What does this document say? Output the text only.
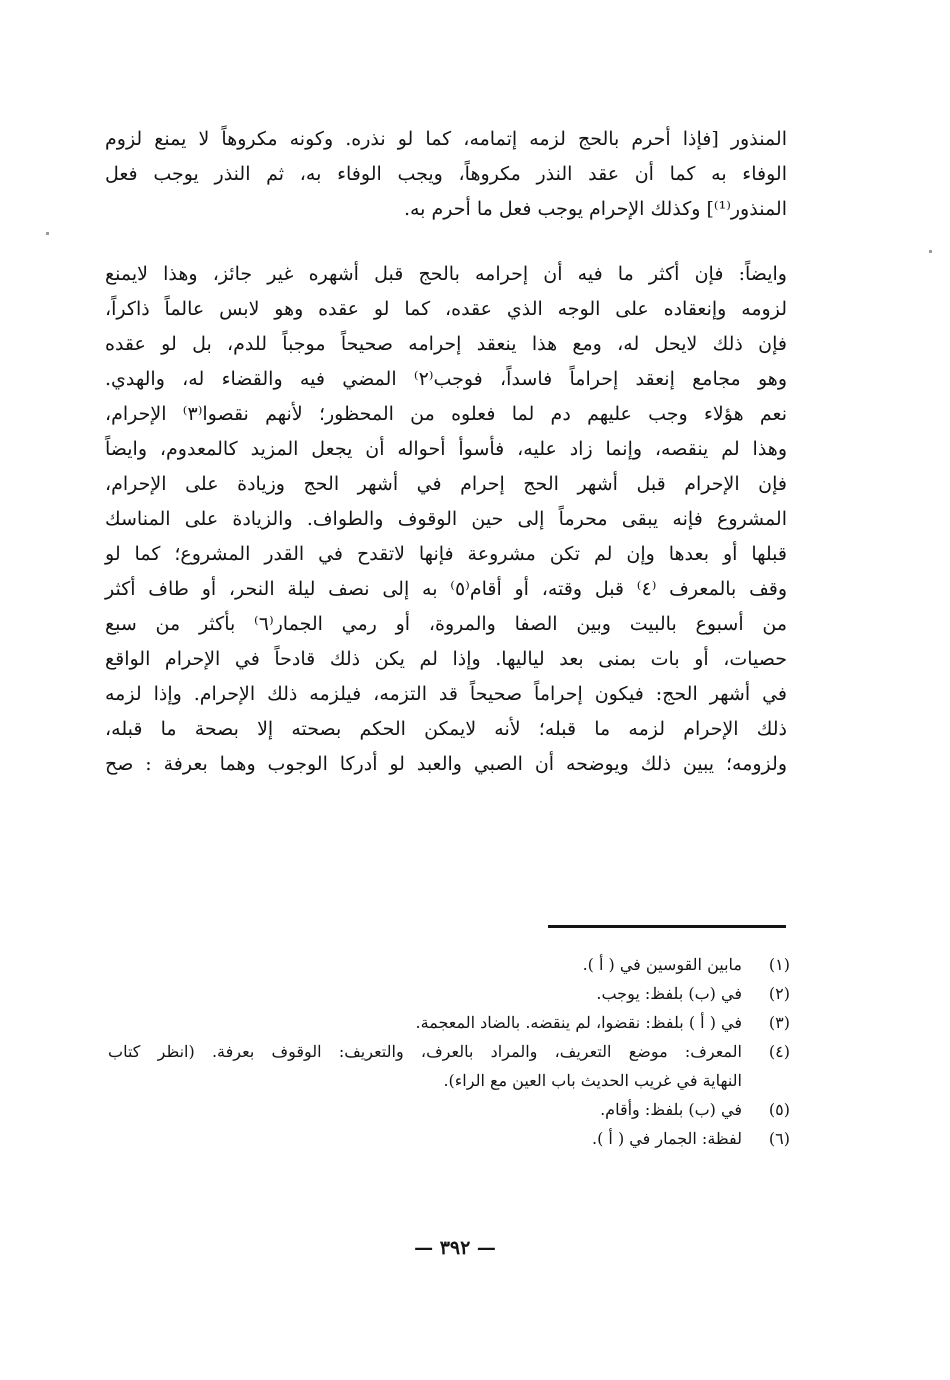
المنذور [فإذا أحرم بالحج لزمه إتمامه، كما لو نذره. وكونه مكروهاً لا يمنع لزوم
الوفاء به كما أن عقد النذر مكروهاً، ويجب الوفاء به، ثم النذر يوجب فعل
المنذور⁽¹⁾] وكذلك الإحرام يوجب فعل ما أحرم به.
وايضاً: فإن أكثر ما فيه أن إحرامه بالحج قبل أشهره غير جائز، وهذا لايمنع
لزومه وإنعقاده على الوجه الذي عقده، كما لو عقده وهو لابس عالماً ذاكراً،
فإن ذلك لايحل له، ومع هذا ينعقد إحرامه صحيحاً موجباً للدم، بل لو عقده
وهو مجامع إنعقد إحراماً فاسداً، فوجب⁽٢⁾ المضي فيه والقضاء له، والهدي.
نعم هؤلاء وجب عليهم دم لما فعلوه من المحظور؛ لأنهم نقصوا⁽٣⁾ الإحرام،
وهذا لم ينقصه، وإنما زاد عليه، فأسوأ أحواله أن يجعل المزيد كالمعدوم، وايضاً
فإن الإحرام قبل أشهر الحج إحرام في أشهر الحج وزيادة على الإحرام،
المشروع فإنه يبقى محرماً إلى حين الوقوف والطواف. والزيادة على المناسك
قبلها أو بعدها وإن لم تكن مشروعة فإنها لاتقدح في القدر المشروع؛ كما لو
وقف بالمعرف ⁽٤⁾ قبل وقته، أو أقام⁽٥⁾ به إلى نصف ليلة النحر، أو طاف أكثر
من أسبوع بالبيت وبين الصفا والمروة، أو رمي الجمار⁽٦⁾ بأكثر من سبع
حصيات، أو بات بمنى بعد لياليها. وإذا لم يكن ذلك قادحاً في الإحرام الواقع
في أشهر الحج: فيكون إحراماً صحيحاً قد التزمه، فيلزمه ذلك الإحرام. وإذا لزمه
ذلك الإحرام لزمه ما قبله؛ لأنه لايمكن الحكم بصحته إلا بصحة ما قبله،
ولزومه؛ يبين ذلك ويوضحه أن الصبي والعبد لو أدركا الوجوب وهما بعرفة : صح
(١)
مابين القوسين في ( أ ).
(٢)
في (ب) بلفظ: يوجب.
(٣)
في ( أ ) بلفظ: نقضوا، لم ينقضه. بالضاد المعجمة.
(٤)
المعرف: موضع التعريف، والمراد بالعرف، والتعريف: الوقوف بعرفة. (انظر كتاب
النهاية في غريب الحديث باب العين مع الراء).
(٥)
في (ب) بلفظ: وأقام.
(٦)
لفظة: الجمار في ( أ ).
— ٣٩٢ —
